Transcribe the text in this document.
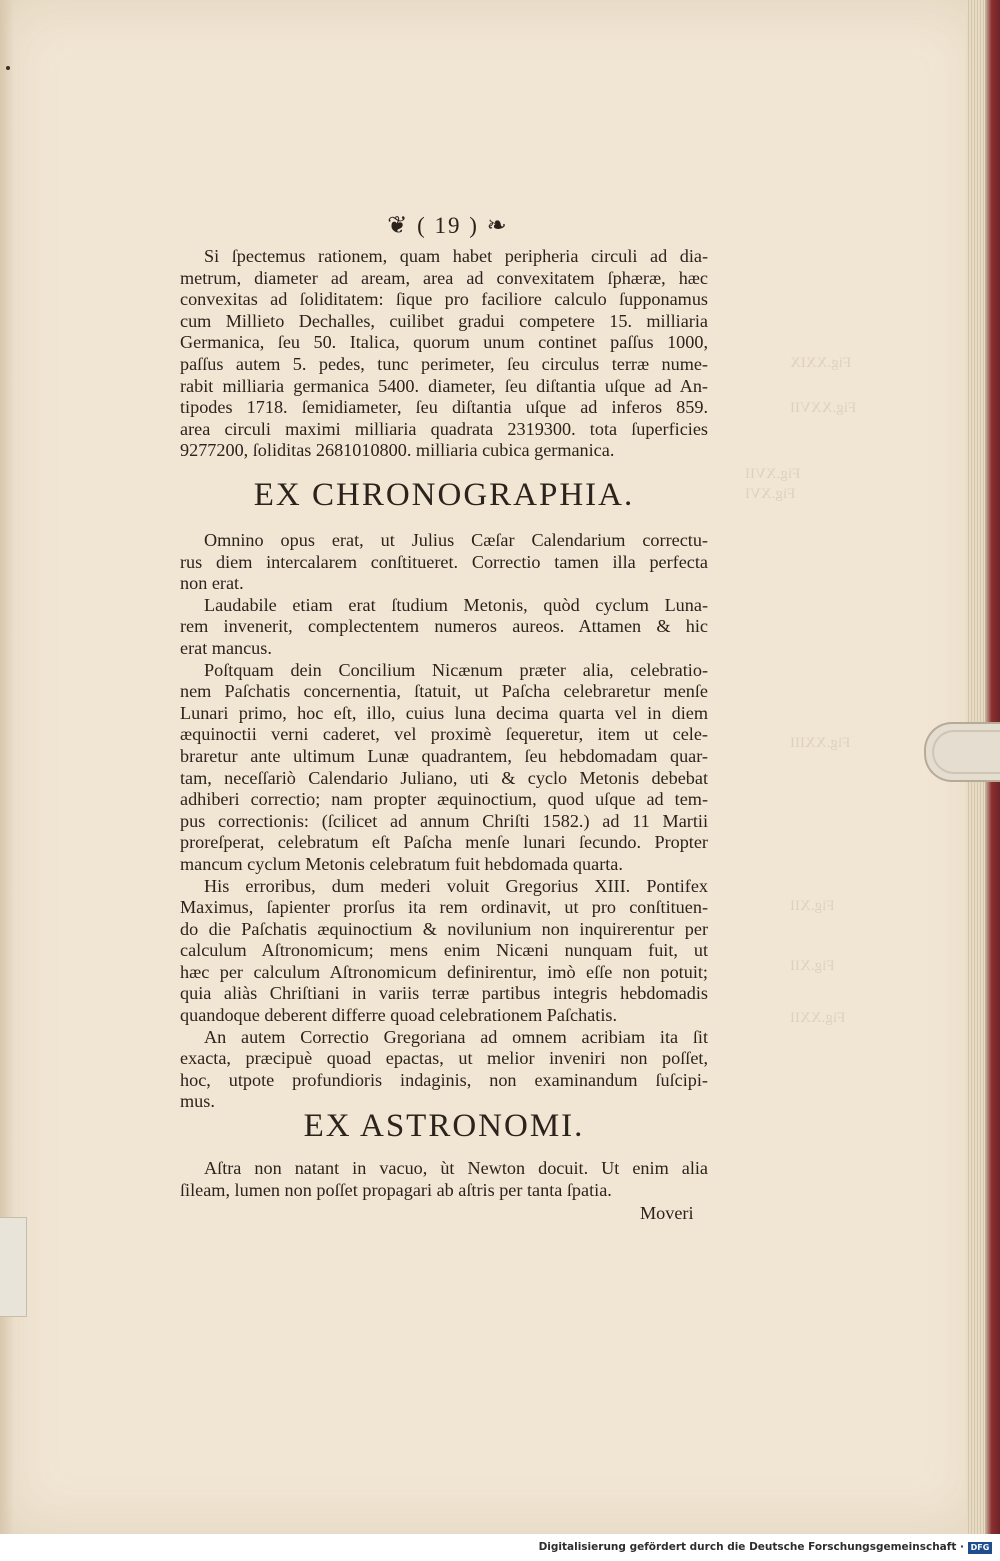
Fig.XXIX
Fig.XXVII
Fig.XVII
Fig.XVI
Fig.XXIII
Fig.XII
Fig.XII
Fig.XXII
❦ ( 19 ) ❧
Si ſpectemus rationem, quam habet peripheria circuli ad dia-
metrum, diameter ad aream, area ad convexitatem ſphæræ, hæc
convexitas ad ſoliditatem: ſique pro faciliore calculo ſupponamus
cum Millieto Dechalles, cuilibet gradui competere 15. milliaria
Germanica, ſeu 50. Italica, quorum unum continet paſſus 1000,
paſſus autem 5. pedes, tunc perimeter, ſeu circulus terræ nume-
rabit milliaria germanica 5400. diameter, ſeu diſtantia uſque ad An-
tipodes 1718. ſemidiameter, ſeu diſtantia uſque ad inferos 859.
area circuli maximi milliaria quadrata 2319300. tota ſuperficies
9277200, ſoliditas 2681010800. milliaria cubica germanica.
EX CHRONOGRAPHIA.
Omnino opus erat, ut Julius Cæſar Calendarium correctu-
rus diem intercalarem conſtitueret. Correctio tamen illa perfecta
non erat.
Laudabile etiam erat ſtudium Metonis, quòd cyclum Luna-
rem invenerit, complectentem numeros aureos. Attamen & hic
erat mancus.
Poſtquam dein Concilium Nicænum præter alia, celebratio-
nem Paſchatis concernentia, ſtatuit, ut Paſcha celebraretur menſe
Lunari primo, hoc eſt, illo, cuius luna decima quarta vel in diem
æquinoctii verni caderet, vel proximè ſequeretur, item ut cele-
braretur ante ultimum Lunæ quadrantem, ſeu hebdomadam quar-
tam, neceſſariò Calendario Juliano, uti & cyclo Metonis debebat
adhiberi correctio; nam propter æquinoctium, quod uſque ad tem-
pus correctionis: (ſcilicet ad annum Chriſti 1582.) ad 11 Martii
proreſperat, celebratum eſt Paſcha menſe lunari ſecundo. Propter
mancum cyclum Metonis celebratum fuit hebdomada quarta.
His erroribus, dum mederi voluit Gregorius XIII. Pontifex
Maximus, ſapienter prorſus ita rem ordinavit, ut pro conſtituen-
do die Paſchatis æquinoctium & novilunium non inquirerentur per
calculum Aſtronomicum; mens enim Nicæni nunquam fuit, ut
hæc per calculum Aſtronomicum definirentur, imò eſſe non potuit;
quia aliàs Chriſtiani in variis terræ partibus integris hebdomadis
quandoque deberent differre quoad celebrationem Paſchatis.
An autem Correctio Gregoriana ad omnem acribiam ita ſit
exacta, præcipuè quoad epactas, ut melior inveniri non poſſet,
hoc, utpote profundioris indaginis, non examinandum ſuſcipi-
mus.
EX ASTRONOMI.
Aſtra non natant in vacuo, ùt Newton docuit. Ut enim alia
ſileam, lumen non poſſet propagari ab aſtris per tanta ſpatia.
Moveri
Digitalisierung gefördert durch die Deutsche Forschungsgemeinschaft · DFG
